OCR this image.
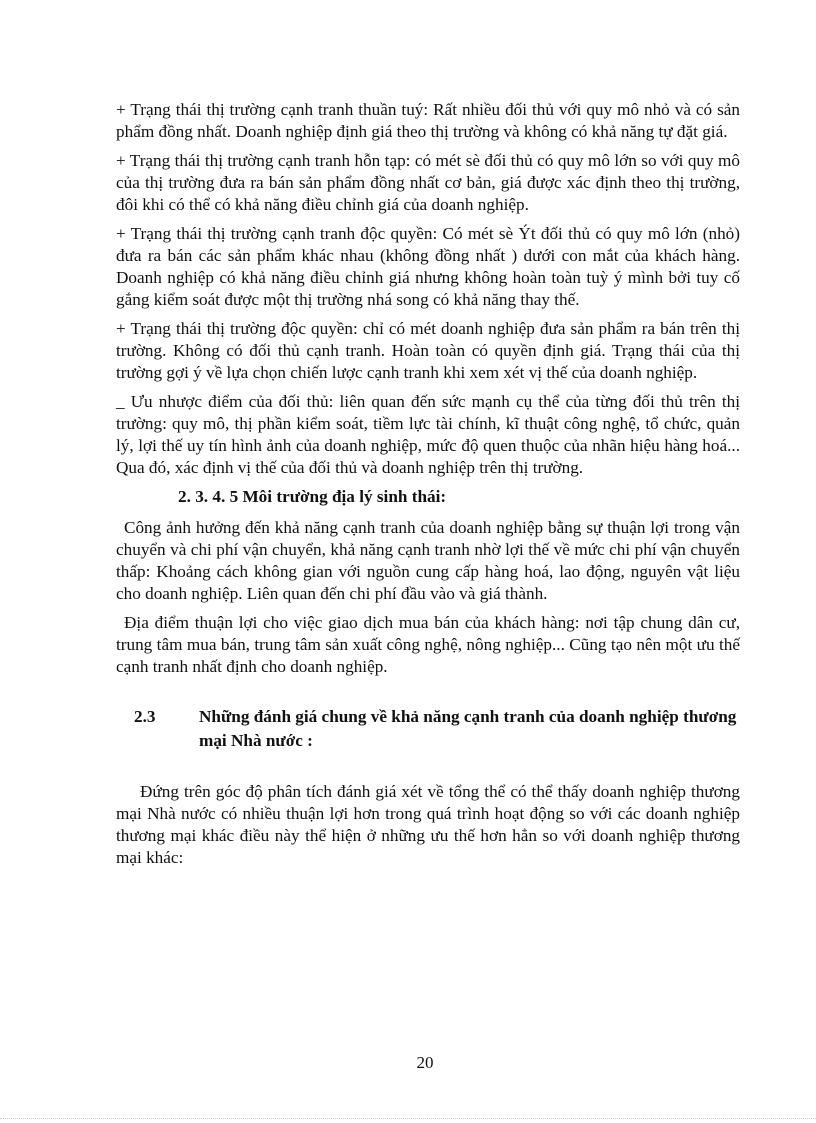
+ Trạng thái thị trường cạnh tranh thuần tuý: Rất nhiều đối thủ với quy mô nhỏ và có sản phẩm đồng nhất. Doanh nghiệp định giá theo thị trường và không có khả năng tự đặt giá.

+ Trạng thái thị trường cạnh tranh hỗn tạp: có mét sè đối thủ có quy mô lớn so với quy mô của thị trường đưa ra bán sản phẩm đồng nhất cơ bản, giá được xác định theo thị trường, đôi khi có thể có khả năng điều chỉnh giá của doanh nghiệp.

+ Trạng thái thị trường cạnh tranh độc quyền: Có mét sè Ýt đối thủ có quy mô lớn (nhỏ) đưa ra bán các sản phẩm khác nhau (không đồng nhất ) dưới con mắt của khách hàng. Doanh nghiệp có khả năng điều chỉnh giá nhưng không hoàn toàn tuỳ ý mình bởi tuy cố gắng kiểm soát được một thị trường nhá song có khả năng thay thế.

+ Trạng thái thị trường độc quyền: chỉ có mét doanh nghiệp đưa sản phẩm ra bán trên thị trường. Không có đối thủ cạnh tranh. Hoàn toàn có quyền định giá. Trạng thái của thị trường gợi ý về lựa chọn chiến lược cạnh tranh khi xem xét vị thế của doanh nghiệp.

_ Ưu nhược điểm của đối thủ: liên quan đến sức mạnh cụ thể của từng đối thủ trên thị trường: quy mô, thị phần kiểm soát, tiềm lực tài chính, kĩ thuật công nghệ, tổ chức, quản lý, lợi thế uy tín hình ảnh của doanh nghiệp, mức độ quen thuộc của nhãn hiệu hàng hoá... Qua đó, xác định vị thế của đối thủ và doanh nghiệp trên thị trường.

2. 3. 4. 5 Môi trường địa lý sinh thái:

Công ảnh hưởng đến khả năng cạnh tranh của doanh nghiệp bằng sự thuận lợi trong vận chuyển và chi phí vận chuyển, khả năng cạnh tranh nhờ lợi thế về mức chi phí vận chuyển thấp: Khoảng cách không gian với nguồn cung cấp hàng hoá, lao động, nguyên vật liệu cho doanh nghiệp. Liên quan đến chi phí đầu vào và giá thành.

Địa điểm thuận lợi cho việc giao dịch mua bán của khách hàng: nơi tập chung dân cư, trung tâm mua bán, trung tâm sản xuất công nghệ, nông nghiệp... Cũng tạo nên một ưu thế cạnh tranh nhất định cho doanh nghiệp.

2.3	Những đánh giá chung về khả năng cạnh tranh của doanh nghiệp thương mại Nhà nước :

Đứng trên góc độ phân tích đánh giá xét về tổng thể có thể thấy doanh nghiệp thương mại Nhà nước có nhiều thuận lợi hơn trong quá trình hoạt động so với các doanh nghiệp thương mại khác điều này thể hiện ở những ưu thế hơn hẳn so với doanh nghiệp thương mại khác:

20
